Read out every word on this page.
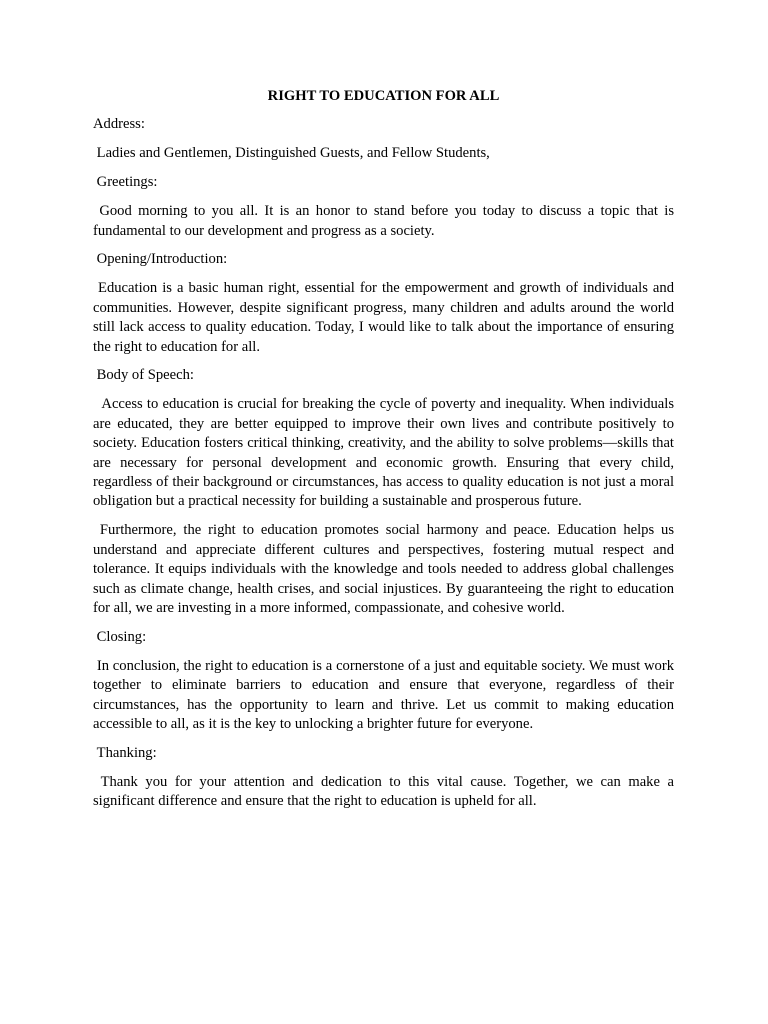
RIGHT TO EDUCATION FOR ALL

Address:

Ladies and Gentlemen, Distinguished Guests, and Fellow Students,

Greetings:

Good morning to you all. It is an honor to stand before you today to discuss a topic that is fundamental to our development and progress as a society.

Opening/Introduction:

Education is a basic human right, essential for the empowerment and growth of individuals and communities. However, despite significant progress, many children and adults around the world still lack access to quality education. Today, I would like to talk about the importance of ensuring the right to education for all.

Body of Speech:

Access to education is crucial for breaking the cycle of poverty and inequality. When individuals are educated, they are better equipped to improve their own lives and contribute positively to society. Education fosters critical thinking, creativity, and the ability to solve problems—skills that are necessary for personal development and economic growth. Ensuring that every child, regardless of their background or circumstances, has access to quality education is not just a moral obligation but a practical necessity for building a sustainable and prosperous future.

Furthermore, the right to education promotes social harmony and peace. Education helps us understand and appreciate different cultures and perspectives, fostering mutual respect and tolerance. It equips individuals with the knowledge and tools needed to address global challenges such as climate change, health crises, and social injustices. By guaranteeing the right to education for all, we are investing in a more informed, compassionate, and cohesive world.

Closing:

In conclusion, the right to education is a cornerstone of a just and equitable society. We must work together to eliminate barriers to education and ensure that everyone, regardless of their circumstances, has the opportunity to learn and thrive. Let us commit to making education accessible to all, as it is the key to unlocking a brighter future for everyone.

Thanking:

Thank you for your attention and dedication to this vital cause. Together, we can make a significant difference and ensure that the right to education is upheld for all.
